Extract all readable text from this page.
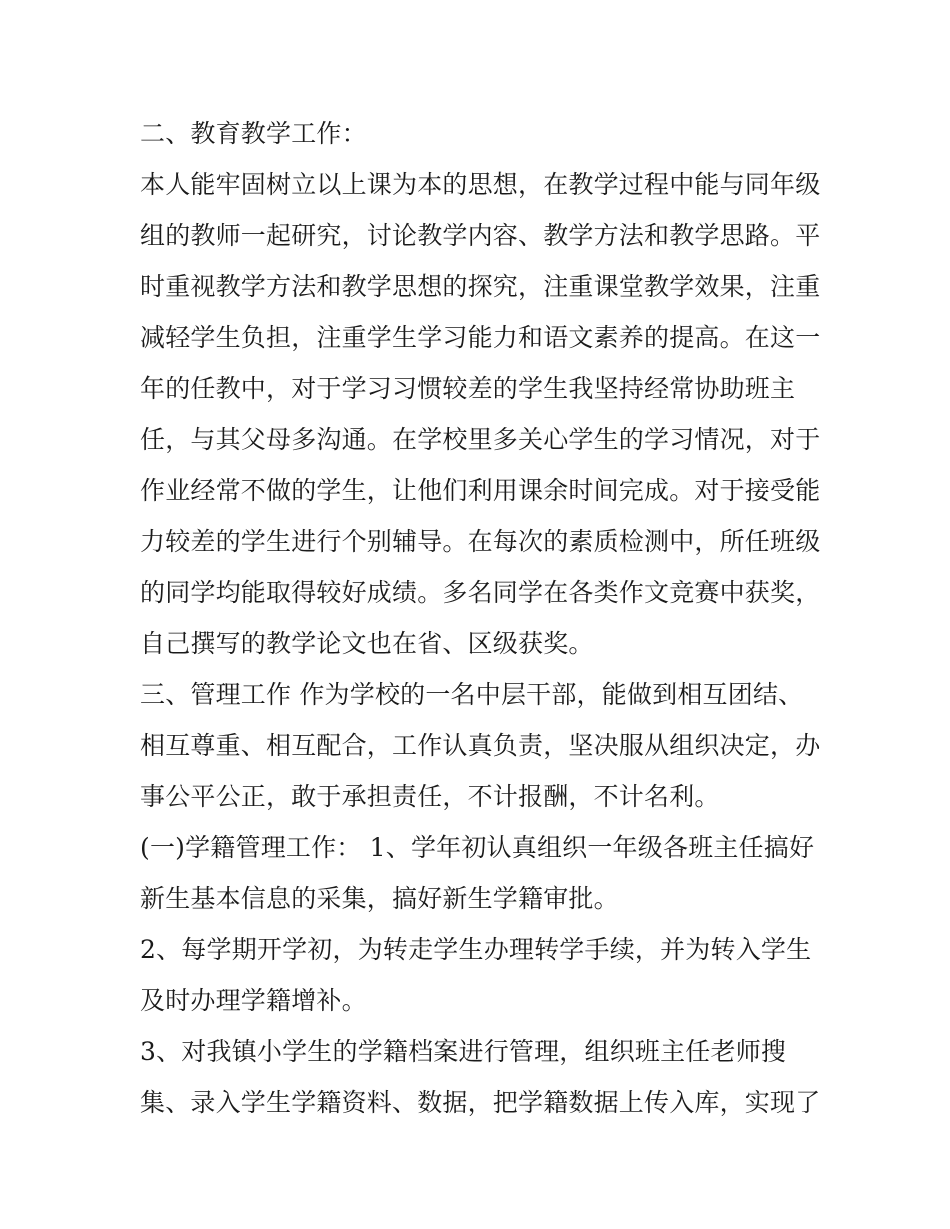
二、教育教学工作：
本人能牢固树立以上课为本的思想，在教学过程中能与同年级
组的教师一起研究，讨论教学内容、教学方法和教学思路。平
时重视教学方法和教学思想的探究，注重课堂教学效果，注重
减轻学生负担，注重学生学习能力和语文素养的提高。在这一
年的任教中，对于学习习惯较差的学生我坚持经常协助班主
任，与其父母多沟通。在学校里多关心学生的学习情况，对于
作业经常不做的学生，让他们利用课余时间完成。对于接受能
力较差的学生进行个别辅导。在每次的素质检测中，所任班级
的同学均能取得较好成绩。多名同学在各类作文竞赛中获奖，
自己撰写的教学论文也在省、区级获奖。
三、管理工作 作为学校的一名中层干部，能做到相互团结、
相互尊重、相互配合，工作认真负责，坚决服从组织决定，办
事公平公正，敢于承担责任，不计报酬，不计名利。
(一)学籍管理工作： 1、学年初认真组织一年级各班主任搞好
新生基本信息的采集，搞好新生学籍审批。
2、每学期开学初，为转走学生办理转学手续，并为转入学生
及时办理学籍增补。
3、对我镇小学生的学籍档案进行管理，组织班主任老师搜
集、录入学生学籍资料、数据，把学籍数据上传入库，实现了
